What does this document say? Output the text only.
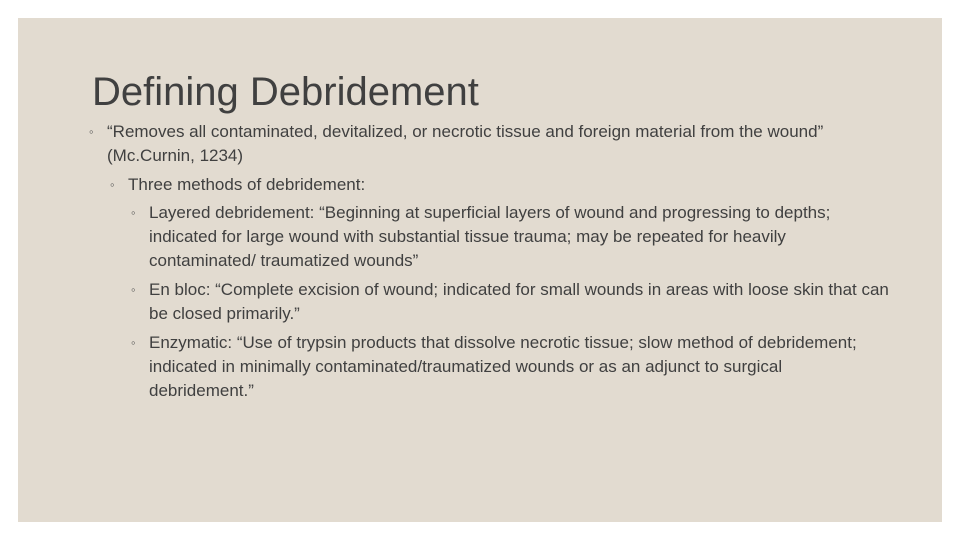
Defining Debridement
◦ “Removes all contaminated, devitalized, or necrotic tissue and foreign material from the wound” (Mc.Curnin, 1234)
◦ Three methods of debridement:
◦ Layered debridement: “Beginning at superficial layers of wound and progressing to depths; indicated for large wound with substantial tissue trauma; may be repeated for heavily contaminated/ traumatized wounds”
◦ En bloc: “Complete excision of wound; indicated for small wounds in areas with loose skin that can be closed primarily.”
◦ Enzymatic: “Use of trypsin products that dissolve necrotic tissue; slow method of debridement; indicated in minimally contaminated/traumatized wounds or as an adjunct to surgical debridement.”
